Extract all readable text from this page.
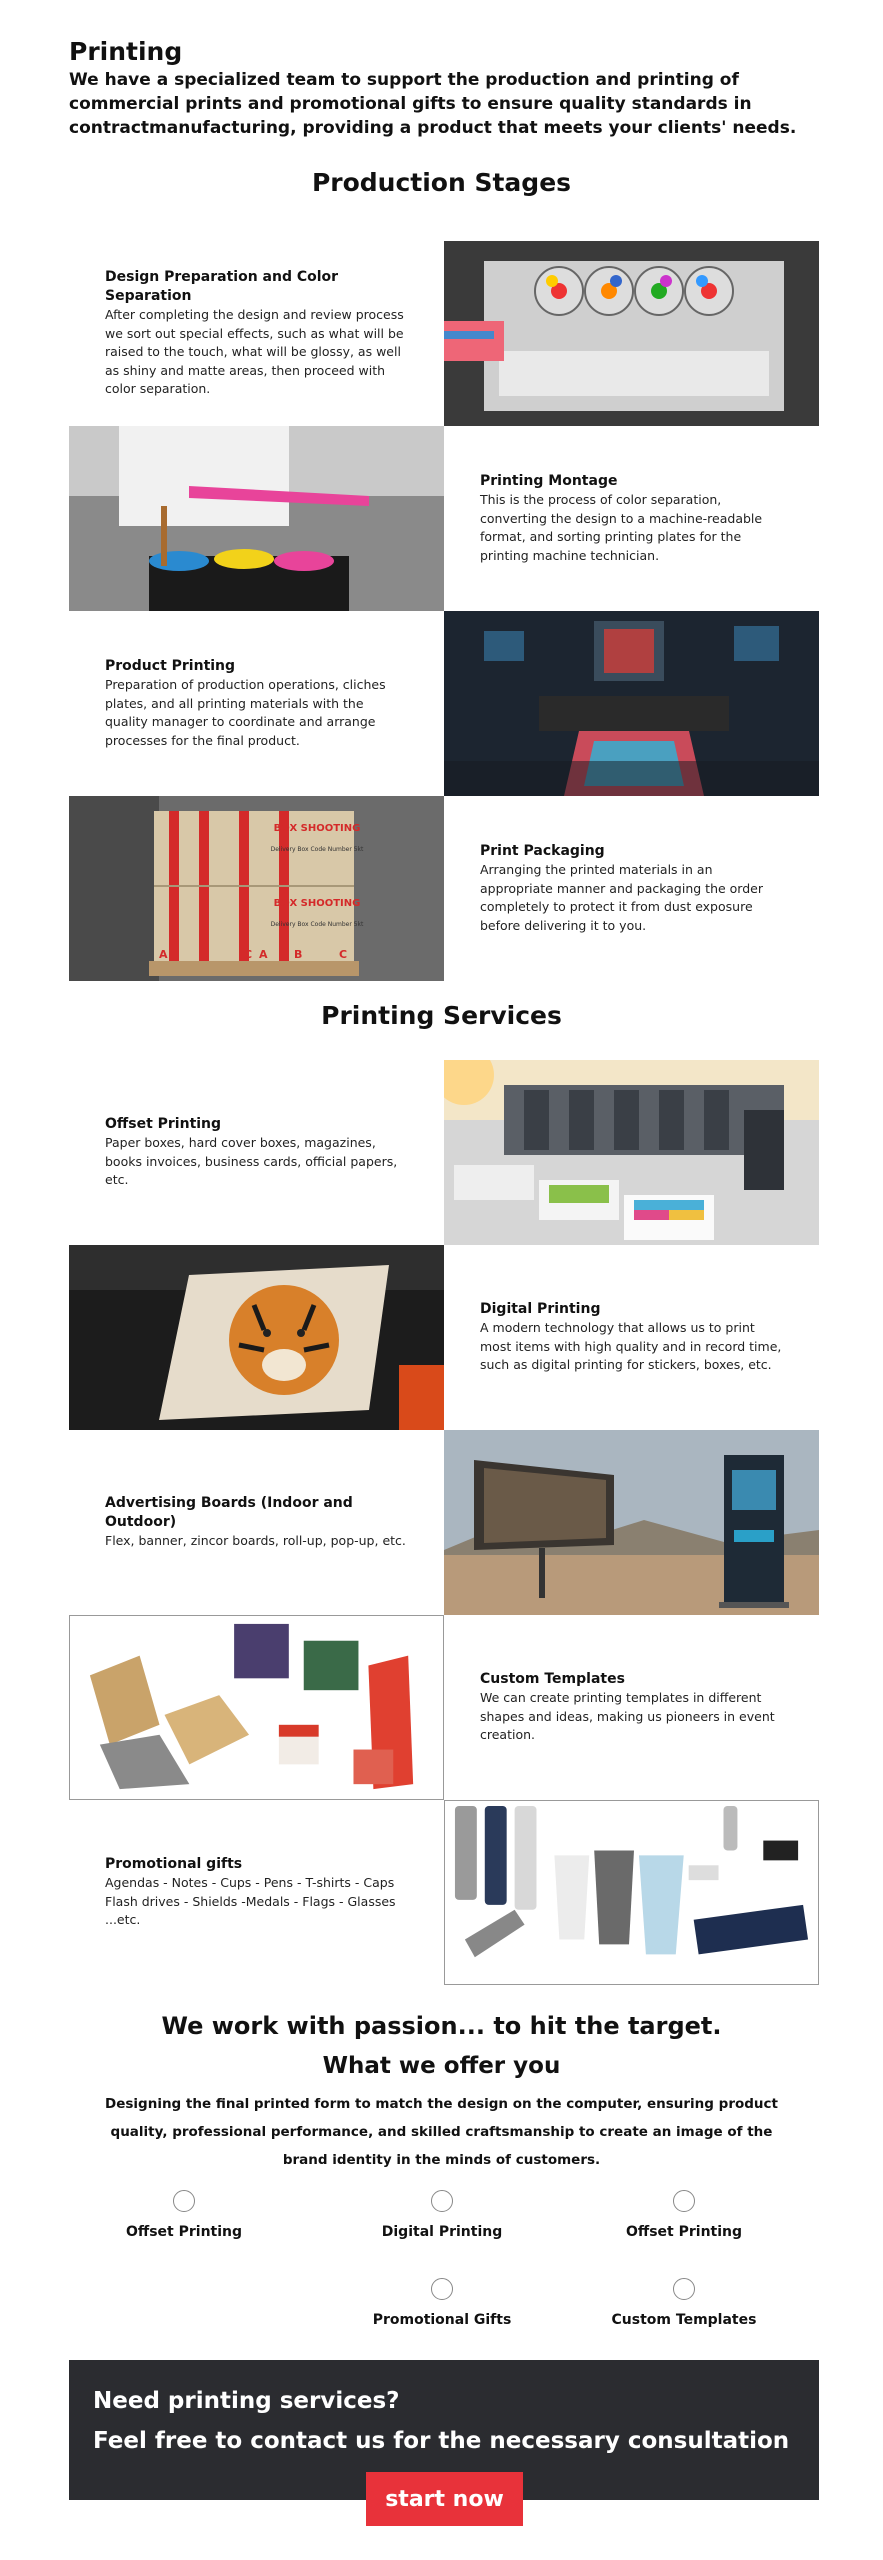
Printing

We have a specialized team to support the production and printing of commercial prints and promotional gifts to ensure quality standards in contractmanufacturing, providing a product that meets your clients' needs.

Production Stages
Design Preparation and Color Separation

After completing the design and review process we sort out special effects, such as what will be raised to the touch, what will be glossy, as well as shiny and matte areas, then proceed with color separation.

Printing Montage

This is the process of color separation, converting the design to a machine-readable format, and sorting printing plates for the printing machine technician.

Product Printing

Preparation of production operations, cliches plates, and all printing materials with the quality manager to coordinate and arrange processes for the final product.

BOX SHOOTING
BOX SHOOTING
Delivery Box Code Number 5kt
Delivery Box Code Number 5kt
A	B	C A B	C
Print Packaging

Arranging the printed materials in an appropriate manner and packaging the order completely to protect it from dust exposure before delivering it to you.

Printing Services
Offset Printing

Paper boxes, hard cover boxes, magazines, books invoices, business cards, official papers, etc.

Digital Printing

A modern technology that allows us to print most items with high quality and in record time, such as digital printing for stickers, boxes, etc.

Advertising Boards (Indoor and Outdoor)

Flex, banner, zincor boards, roll-up, pop-up, etc.

Custom Templates

We can create printing templates in different shapes and ideas, making us pioneers in event creation.

Promotional gifts

Agendas - Notes - Cups - Pens - T-shirts - Caps Flash drives - Shields -Medals - Flags - Glasses ...etc.

We work with passion... to hit the target.
What we offer you
Designing the final printed form to match the design on the computer, ensuring product quality, professional performance, and skilled craftsmanship to create an image of the brand identity in the minds of customers.
Offset Printing	Digital Printing	Offset Printing
Promotional Gifts	Custom Templates
Need printing services?
Feel free to contact us for the necessary consultation
start now
